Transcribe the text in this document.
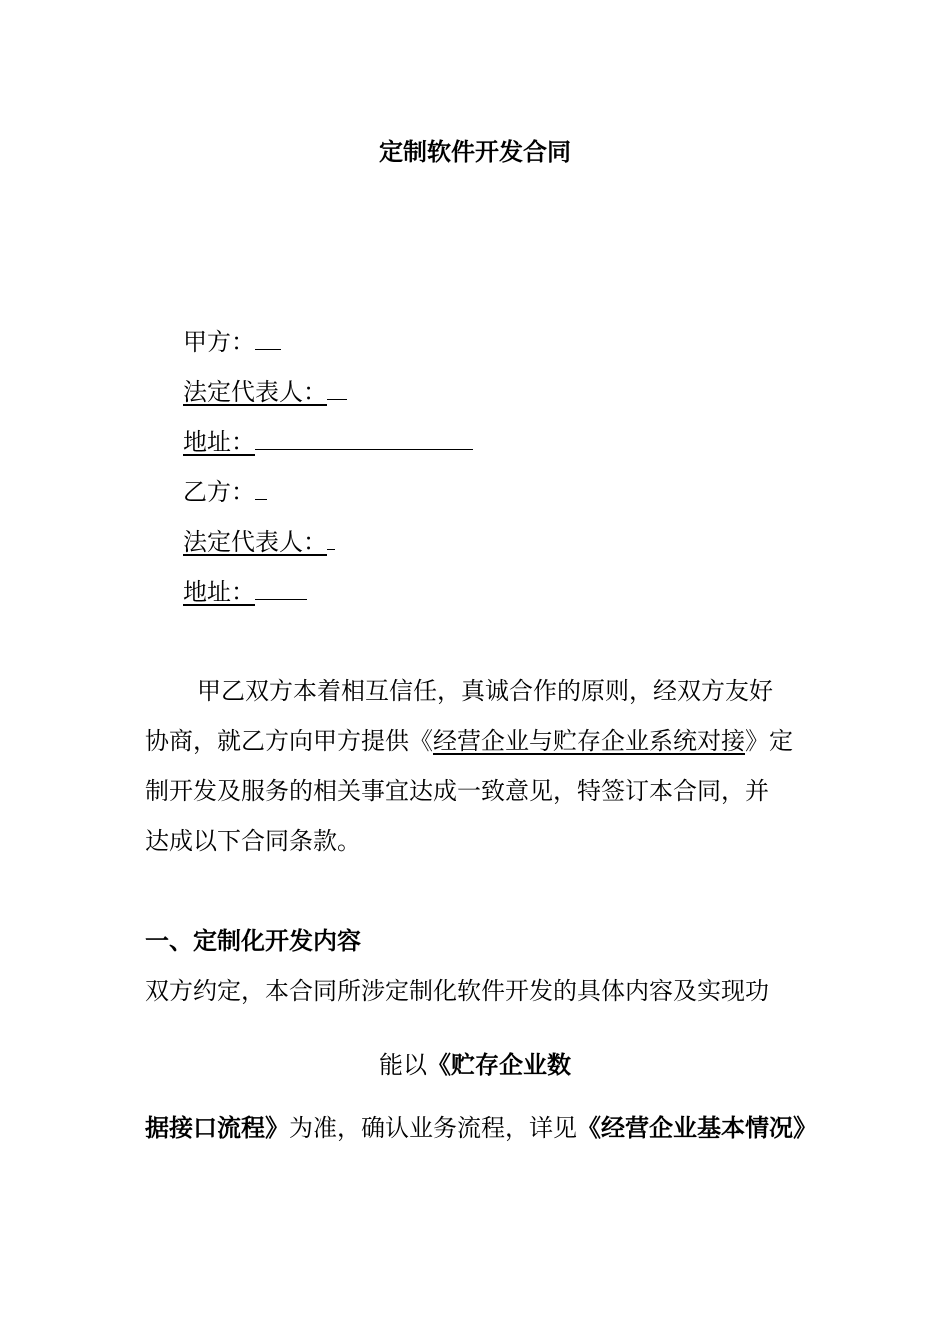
定制软件开发合同
甲方：
法定代表人：
地址：
乙方：
法定代表人：
地址：
甲乙双方本着相互信任，真诚合作的原则，经双方友好
协商，就乙方向甲方提供《经营企业与贮存企业系统对接》定
制开发及服务的相关事宜达成一致意见，特签订本合同，并
达成以下合同条款。
一、定制化开发内容
双方约定，本合同所涉定制化软件开发的具体内容及实现功
能以《贮存企业数
据接口流程》为准，确认业务流程，详见《经营企业基本情况》
